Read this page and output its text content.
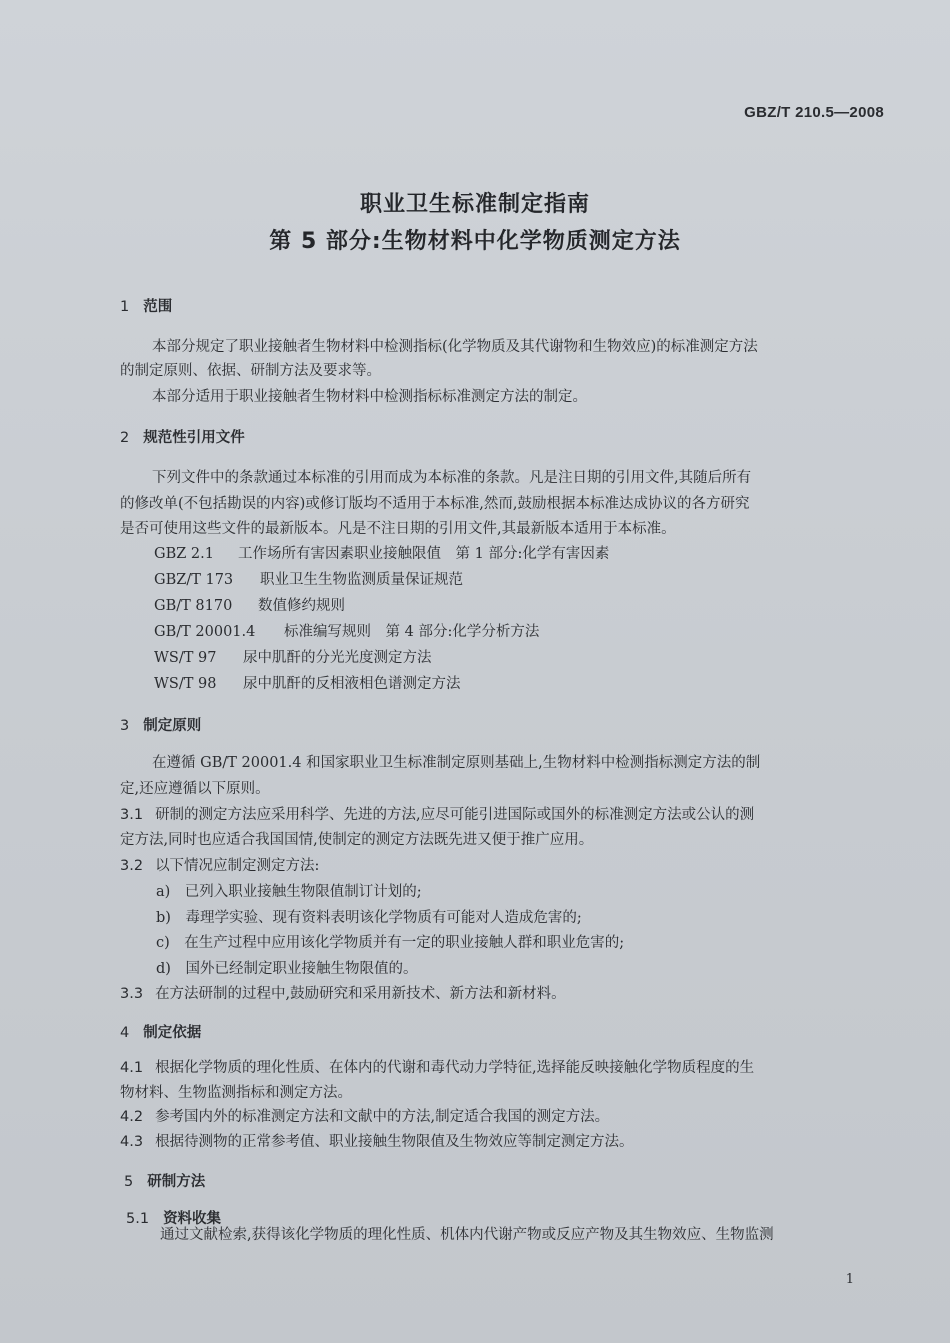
GBZ/T 210.5—2008
职业卫生标准制定指南
第 5 部分:生物材料中化学物质测定方法
1 范围
本部分规定了职业接触者生物材料中检测指标(化学物质及其代谢物和生物效应)的标准测定方法
的制定原则、依据、研制方法及要求等。
本部分适用于职业接触者生物材料中检测指标标准测定方法的制定。
2 规范性引用文件
下列文件中的条款通过本标准的引用而成为本标准的条款。凡是注日期的引用文件,其随后所有
的修改单(不包括勘误的内容)或修订版均不适用于本标准,然而,鼓励根据本标准达成协议的各方研究
是否可使用这些文件的最新版本。凡是不注日期的引用文件,其最新版本适用于本标准。
GBZ 2.1 工作场所有害因素职业接触限值　第 1 部分:化学有害因素
GBZ/T 173 职业卫生生物监测质量保证规范
GB/T 8170 数值修约规则
GB/T 20001.4 标准编写规则　第 4 部分:化学分析方法
WS/T 97 尿中肌酐的分光光度测定方法
WS/T 98 尿中肌酐的反相液相色谱测定方法
3 制定原则
在遵循 GB/T 20001.4 和国家职业卫生标准制定原则基础上,生物材料中检测指标测定方法的制
定,还应遵循以下原则。
3.1 研制的测定方法应采用科学、先进的方法,应尽可能引进国际或国外的标准测定方法或公认的测
定方法,同时也应适合我国国情,使制定的测定方法既先进又便于推广应用。
3.2 以下情况应制定测定方法:
a)　已列入职业接触生物限值制订计划的;
b)　毒理学实验、现有资料表明该化学物质有可能对人造成危害的;
c)　在生产过程中应用该化学物质并有一定的职业接触人群和职业危害的;
d)　国外已经制定职业接触生物限值的。
3.3 在方法研制的过程中,鼓励研究和采用新技术、新方法和新材料。
4 制定依据
4.1 根据化学物质的理化性质、在体内的代谢和毒代动力学特征,选择能反映接触化学物质程度的生
物材料、生物监测指标和测定方法。
4.2 参考国内外的标准测定方法和文献中的方法,制定适合我国的测定方法。
4.3 根据待测物的正常参考值、职业接触生物限值及生物效应等制定测定方法。
5 研制方法
5.1 资料收集
通过文献检索,获得该化学物质的理化性质、机体内代谢产物或反应产物及其生物效应、生物监测
1
